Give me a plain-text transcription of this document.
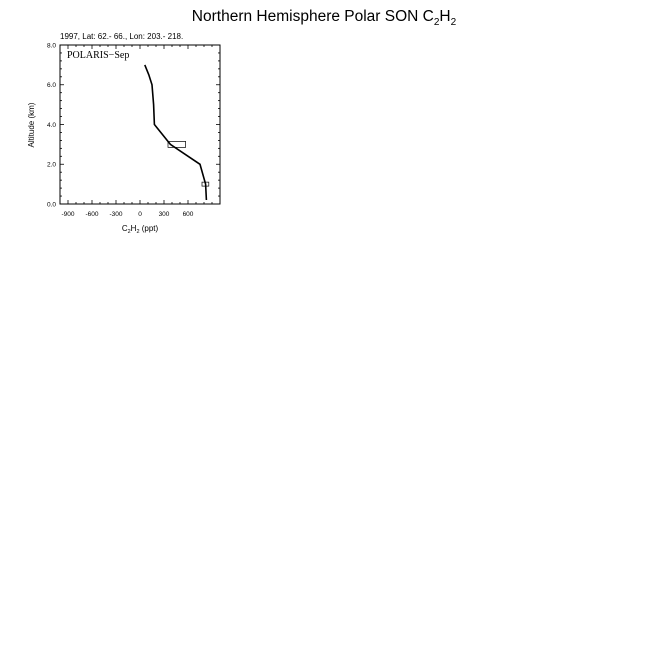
Northern Hemisphere Polar SON $C_2H_2$
1997, Lat: 62.- 66., Lon: 203.- 218.
POLARIS−Sep
-900 -600 -300 0	300 600
0.0
2.0
4.0
6.0
8.0
$C_2H_2$ (ppt)
Altitude (km)
